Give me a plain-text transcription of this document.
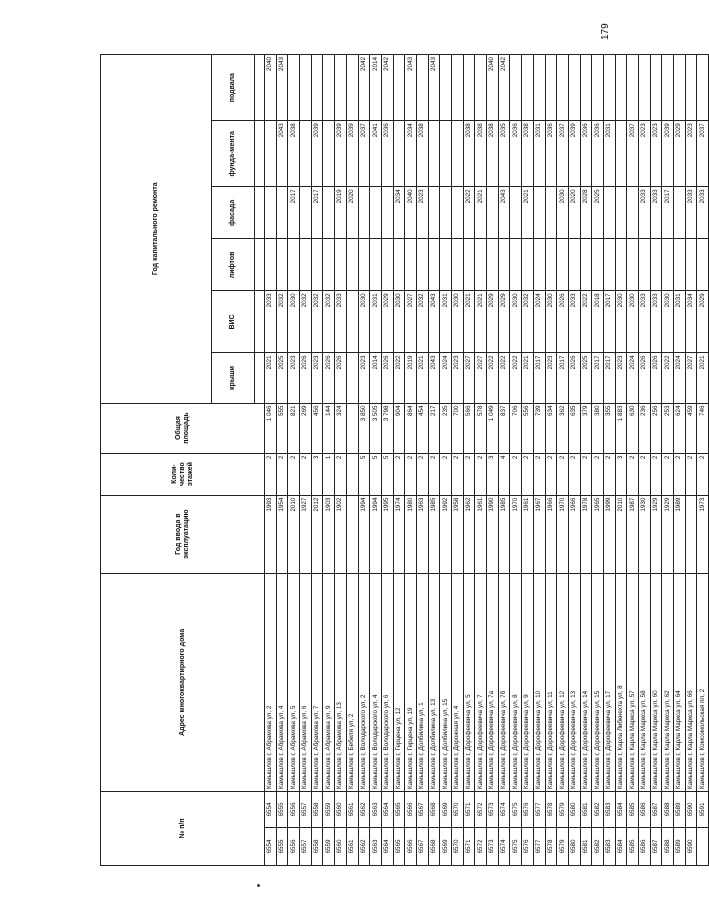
179
№ п/п		Адрес многоквартирного дома	Год ввода в эксплуатацию	Коли-чество этажей	Общая площадь	Год капитального ремонта					
						крыши	ВИС	лифтов	фасада	фунда-мента	подвала

6554	6554	Камышлов г, Абрамова ул, 2	1993	2	1 046	2021	2033				2040
6555	6555	Камышлов г, Абрамова ул, 4	1954	2	555	2025	2032			2043	2043
6556	6556	Камышлов г, Абрамова ул, 5	2010	2	821	2023	2030		2017	2038	
6557	6557	Камышлов г, Абрамова ул, 6	1927	2	269	2026	2032				
6558	6558	Камышлов г, Абрамова ул, 7	2012	3	456	2023	2032		2017	2039	
6559	6559	Камышлов г, Абрамова ул, 9	1903	1	144	2026	2032				
6560	6560	Камышлов г, Абрамова ул, 13	1902	2	324	2026	2033		2019	2039	
6561	6561	Камышлов г, Бебеля ул, 2							2020	2039	
6562	6562	Камышлов г, Володарского ул, 2	1994	5	3 850	2023	2030			2037	2042
6563	6563	Камышлов г, Володарского ул, 4	1994	5	3 505	2014	2031			2041	2014
6564	6564	Камышлов г, Володарского ул, 6	1995	5	3 798	2026	2029			2036	2042
6565	6565	Камышлов г, Герцена ул, 12	1974	2	904	2022	2030		2034		
6566	6566	Камышлов г, Герцена ул, 19	1980	2	864	2019	2027		2040	2034	2043
6567	6567	Камышлов г, Долбилина ул, 1	1963	2	454	2021	2032		2023	2038	
6568	6568	Камышлов г, Долбилина ул, 13	1985	2	217	2043	2043				2043
6569	6569	Камышлов г, Долбилина ул, 15	1992	2	235	2024	2031				
6570	6570	Камышлов г, Дорожная ул, 4	1958	2	700	2023	2030				
6571	6571	Камышлов г, Дорофеевича ул, 5	1962	2	566	2027	2021		2022	2038	
6572	6572	Камышлов г, Дорофеевича ул, 7	1961	2	578	2027	2021		2021	2038	
6573	6573	Камышлов г, Дорофеевича ул, 7а	1990	3	1 049	2022	2029			2038	2040
6574	6574	Камышлов г, Дорофеевича ул, 7б	1985	4	837	2022	2029		2043	2035	2042
6575	6575	Камышлов г, Дорофеевича ул, 8	1970	2	706	2022	2030			2036	
6576	6576	Камышлов г, Дорофеевича ул, 9	1961	2	556	2021	2032		2021	2038	
6577	6577	Камышлов г, Дорофеевича ул, 10	1967	2	739	2017	2024			2031	
6578	6578	Камышлов г, Дорофеевича ул, 11	1966	2	634	2023	2030			2036	
6579	6579	Камышлов г, Дорофеевича ул, 12	1970	2	362	2017	2026		2030	2037	
6580	6580	Камышлов г, Дорофеевича ул, 13	1966	2	635	2026	2033		2020	2039	
6581	6581	Камышлов г, Дорофеевича ул, 14	1978	2	379	2025	2022		2028	2036	
6582	6582	Камышлов г, Дорофеевича ул, 15	1965	2	380	2017	2018		2025	2036	
6583	6583	Камышлов г, Дорофеевича ул, 17	1999	2	355	2017	2017			2031	
6584	6584	Камышлов г, Карла Либкнехта ул, 8	2010	3	1 883	2023	2030				
6585	6585	Камышлов г, Карла Маркса ул, 57	1987	2	630	2024	2030			2037	
6586	6586	Камышлов г, Карла Маркса ул, 58	1930	2	236	2026	2033		2033	2023	
6587	6587	Камышлов г, Карла Маркса ул, 60	1929	2	256	2026	2033		2033	2023	
6588	6588	Камышлов г, Карла Маркса ул, 62	1929	2	253	2022	2030		2017	2039	
6589	6589	Камышлов г, Карла Маркса ул, 64	1989	2	624	2024	2031			2029	
6590	6590	Камышлов г, Карла Маркса ул, 66		2	459	2027	2034		2033	2023	
	6591	Камышлов г, Комсомольская пл, 2	1973	2	746	2021	2029		2033	2037	
